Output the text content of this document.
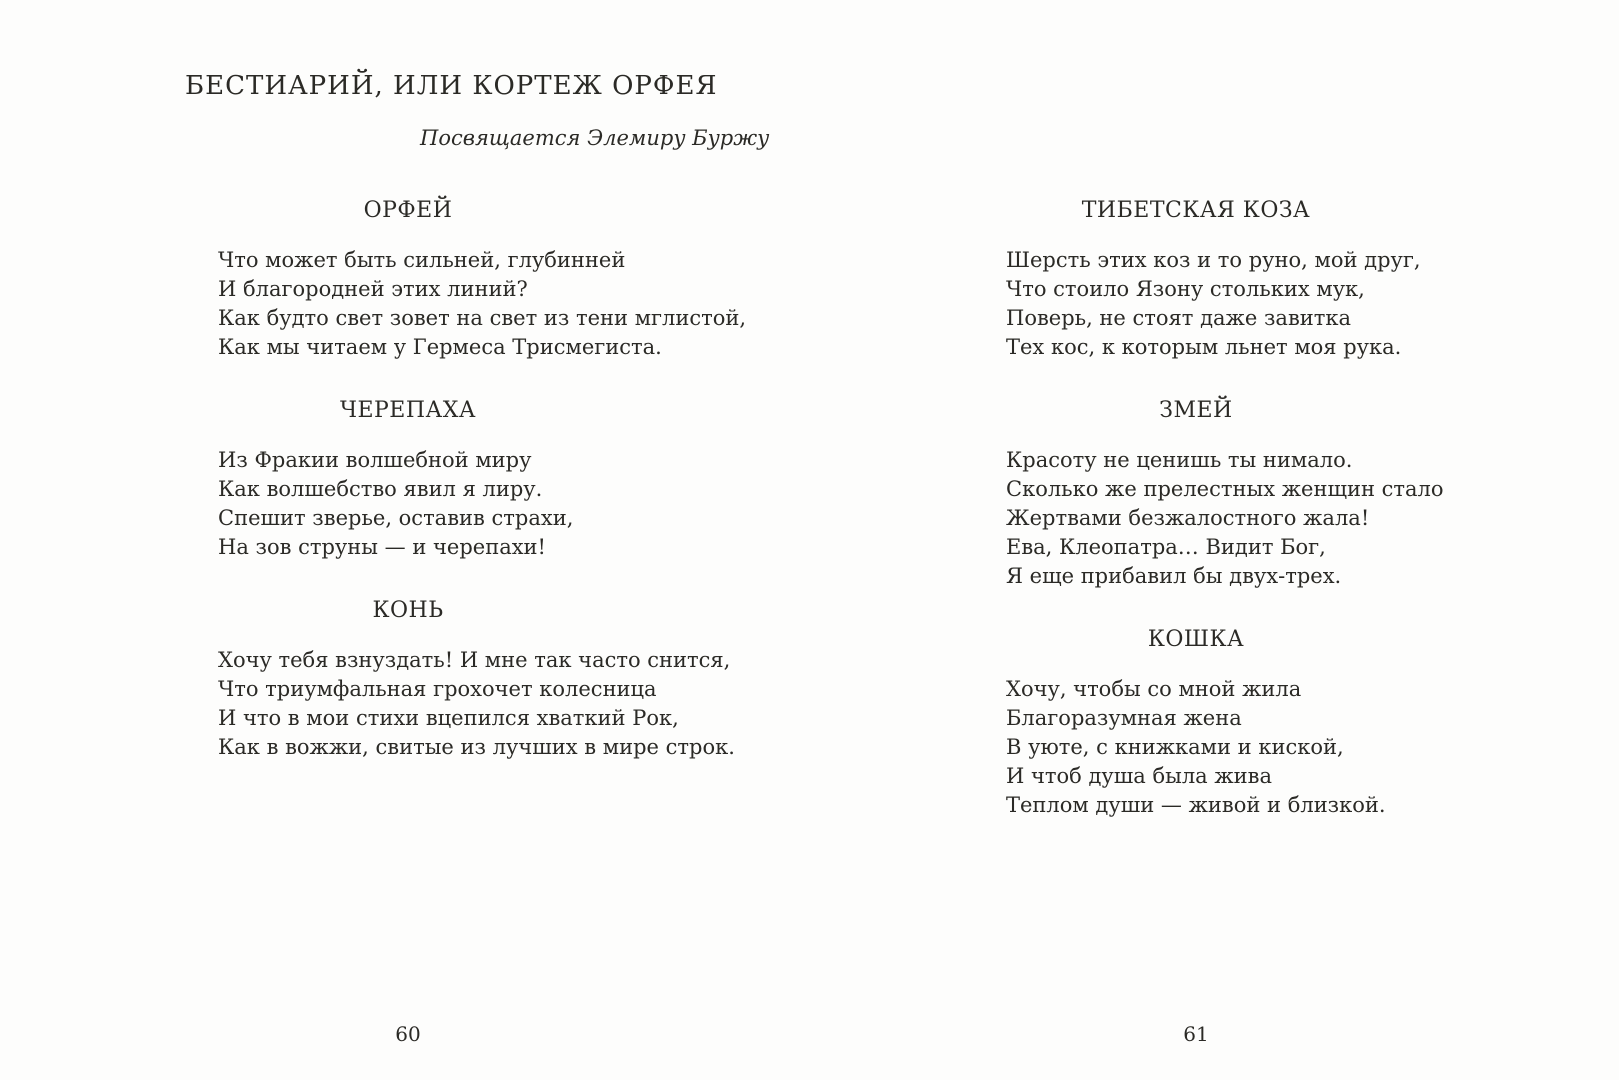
БЕСТИАРИЙ, ИЛИ КОРТЕЖ ОРФЕЯ
Посвящается Элемиру Буржу
ОРФЕЙ
Что может быть сильней, глубинней
И благородней этих линий?
Как будто свет зовет на свет из тени мглистой,
Как мы читаем у Гермеса Трисмегиста.
ЧЕРЕПАХА
Из Фракии волшебной миру
Как волшебство явил я лиру.
Спешит зверье, оставив страхи,
На зов струны — и черепахи!
КОНЬ
Хочу тебя взнуздать! И мне так часто снится,
Что триумфальная грохочет колесница
И что в мои стихи вцепился хваткий Рок,
Как в вожжи, свитые из лучших в мире строк.
60
ТИБЕТСКАЯ КОЗА
Шерсть этих коз и то руно, мой друг,
Что стоило Язону стольких мук,
Поверь, не стоят даже завитка
Тех кос, к которым льнет моя рука.
ЗМЕЙ
Красоту не ценишь ты нимало.
Сколько же прелестных женщин стало
Жертвами безжалостного жала!
Ева, Клеопатра… Видит Бог,
Я еще прибавил бы двух-трех.
КОШКА
Хочу, чтобы со мной жила
Благоразумная жена
В уюте, с книжками и киской,
И чтоб душа была жива
Теплом души — живой и близкой.
61
